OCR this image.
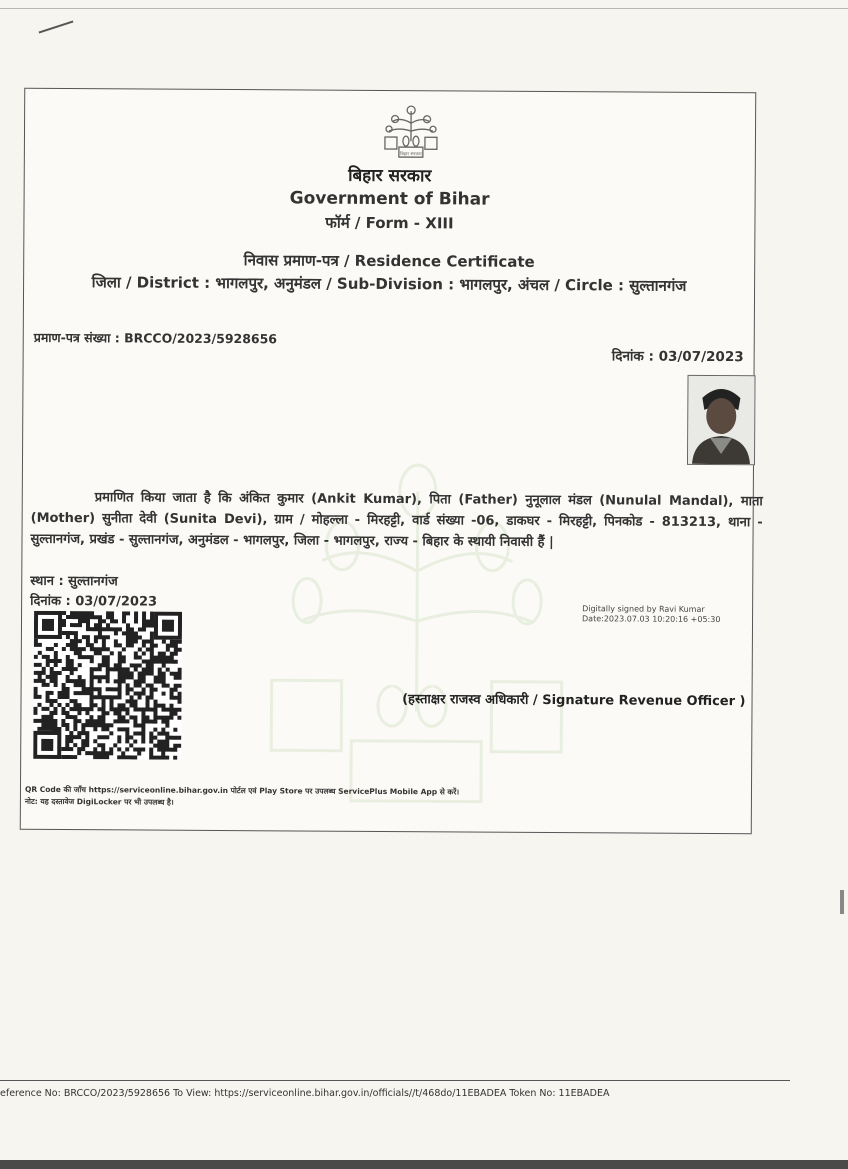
बिहार सरकार
बिहार सरकार
Government of Bihar
फॉर्म / Form - XIII
निवास प्रमाण-पत्र / Residence Certificate
जिला / District : भागलपुर, अनुमंडल / Sub-Division : भागलपुर, अंचल / Circle : सुल्तानगंज
प्रमाण-पत्र संख्या : BRCCO/2023/5928656
दिनांक : 03/07/2023
प्रमाणित किया जाता है कि अंकित कुमार (Ankit Kumar), पिता (Father) नुनूलाल मंडल (Nunulal Mandal), माता (Mother) सुनीता देवी (Sunita Devi), ग्राम / मोहल्ला - मिरहट्टी, वार्ड संख्या -06, डाकघर - मिरहट्टी, पिनकोड - 813213, थाना - सुल्तानगंज, प्रखंड - सुल्तानगंज, अनुमंडल - भागलपुर, जिला - भागलपुर, राज्य - बिहार के स्थायी निवासी हैं |
स्थान : सुल्तानगंज
दिनांक : 03/07/2023	Digitally signed by Ravi Kumar
Date:2023.07.03 10:20:16 +05:30
(हस्ताक्षर राजस्व अधिकारी / Signature Revenue Officer )
QR Code की जाँच https://serviceonline.bihar.gov.in पोर्टल एवं Play Store पर उपलब्ध ServicePlus Mobile App से करें।
नोट: यह दस्तावेज DigiLocker पर भी उपलब्ध है।
eference No: BRCCO/2023/5928656 To View: https://serviceonline.bihar.gov.in/officials//t/468do/11EBADEA Token No: 11EBADEA
